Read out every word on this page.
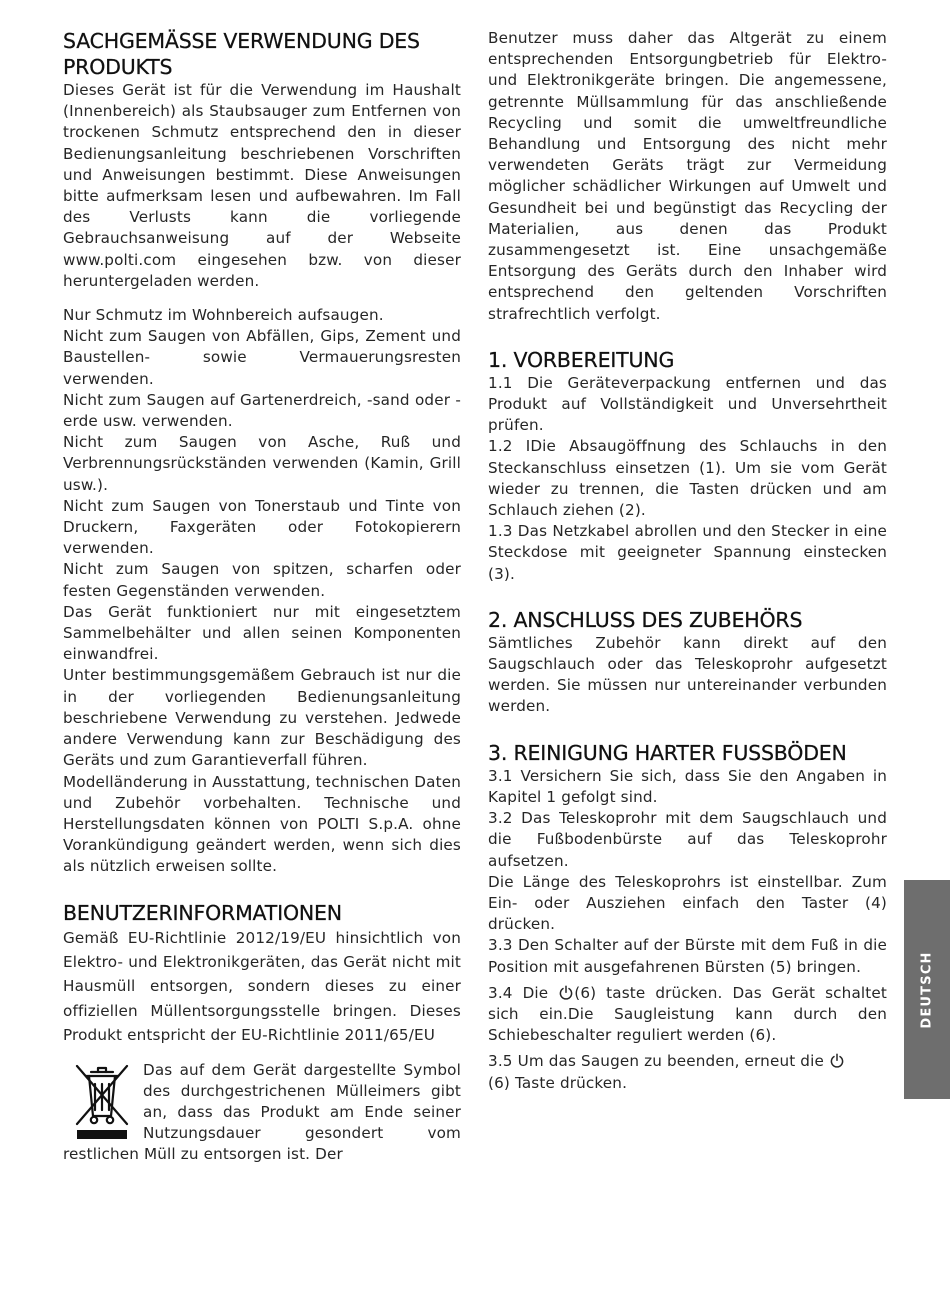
SACHGEMÄSSE VERWENDUNG DES PRODUKTS

Dieses Gerät ist für die Verwendung im Haushalt (Innenbereich) als Staubsauger zum Entfernen von trockenen Schmutz entsprechend den in dieser Bedienungsanleitung beschriebenen Vorschriften und Anweisungen bestimmt. Diese Anweisungen bitte aufmerksam lesen und aufbewahren. Im Fall des Verlusts kann die vorliegende Gebrauchsanweisung auf der Webseite www.polti.com eingesehen bzw. von dieser heruntergeladen werden.

Nur Schmutz im Wohnbereich aufsaugen.

Nicht zum Saugen von Abfällen, Gips, Zement und Baustellen- sowie Vermauerungsresten verwenden.

Nicht zum Saugen auf Gartenerdreich, -sand oder -erde usw. verwenden.

Nicht zum Saugen von Asche, Ruß und Verbrennungsrückständen verwenden (Kamin, Grill usw.).

Nicht zum Saugen von Tonerstaub und Tinte von Druckern, Faxgeräten oder Fotokopierern verwenden.

Nicht zum Saugen von spitzen, scharfen oder festen Gegenständen verwenden.

Das Gerät funktioniert nur mit eingesetztem Sammelbehälter und allen seinen Komponenten einwandfrei.

Unter bestimmungsgemäßem Gebrauch ist nur die in der vorliegenden Bedienungsanleitung beschriebene Verwendung zu verstehen. Jedwede andere Verwendung kann zur Beschädigung des Geräts und zum Garantieverfall führen.

Modelländerung in Ausstattung, technischen Daten und Zubehör vorbehalten. Technische und Herstellungsdaten können von POLTI S.p.A. ohne Vorankündigung geändert werden, wenn sich dies als nützlich erweisen sollte.

BENUTZERINFORMATIONEN

Gemäß EU-Richtlinie 2012/19/EU hinsichtlich von Elektro- und Elektronikgeräten, das Gerät nicht mit Hausmüll entsorgen, sondern dieses zu einer offiziellen Müllentsorgungsstelle bringen. Dieses Produkt entspricht der EU-Richtlinie 2011/65/EU

Das auf dem Gerät dargestellte Symbol des durchgestrichenen Mülleimers gibt an, dass das Produkt am Ende seiner Nutzungsdauer gesondert vom restlichen Müll zu entsorgen ist. Der

Benutzer muss daher das Altgerät zu einem entsprechenden Entsorgungbetrieb für Elektro- und Elektronikgeräte bringen. Die angemessene, getrennte Müllsammlung für das anschließende Recycling und somit die umweltfreundliche Behandlung und Entsorgung des nicht mehr verwendeten Geräts trägt zur Vermeidung möglicher schädlicher Wirkungen auf Umwelt und Gesundheit bei und begünstigt das Recycling der Materialien, aus denen das Produkt zusammengesetzt ist. Eine unsachgemäße Entsorgung des Geräts durch den Inhaber wird entsprechend den geltenden Vorschriften strafrechtlich verfolgt.

1. VORBEREITUNG

1.1 Die Geräteverpackung entfernen und das Produkt auf Vollständigkeit und Unversehrtheit prüfen.

1.2 IDie Absaugöffnung des Schlauchs in den Steckanschluss einsetzen (1). Um sie vom Gerät wieder zu trennen, die Tasten drücken und am Schlauch ziehen (2).

1.3 Das Netzkabel abrollen und den Stecker in eine Steckdose mit geeigneter Spannung einstecken (3).

2. ANSCHLUSS DES ZUBEHÖRS

Sämtliches Zubehör kann direkt auf den Saugschlauch oder das Teleskoprohr aufgesetzt werden. Sie müssen nur untereinander verbunden werden.

3. REINIGUNG HARTER FUSSBÖDEN

3.1 Versichern Sie sich, dass Sie den Angaben in Kapitel 1 gefolgt sind.

3.2 Das Teleskoprohr mit dem Saugschlauch und die Fußbodenbürste auf das Teleskoprohr aufsetzen.

Die Länge des Teleskoprohrs ist einstellbar. Zum Ein- oder Ausziehen einfach den Taster (4) drücken.

3.3 Den Schalter auf der Bürste mit dem Fuß in die Position mit ausgefahrenen Bürsten (5) bringen.

3.4 Die (6) taste drücken. Das Gerät schaltet sich ein.Die Saugleistung kann durch den Schiebeschalter reguliert werden (6).

3.5 Um das Saugen zu beenden, erneut die
(6) Taste drücken.

DEUTSCH
